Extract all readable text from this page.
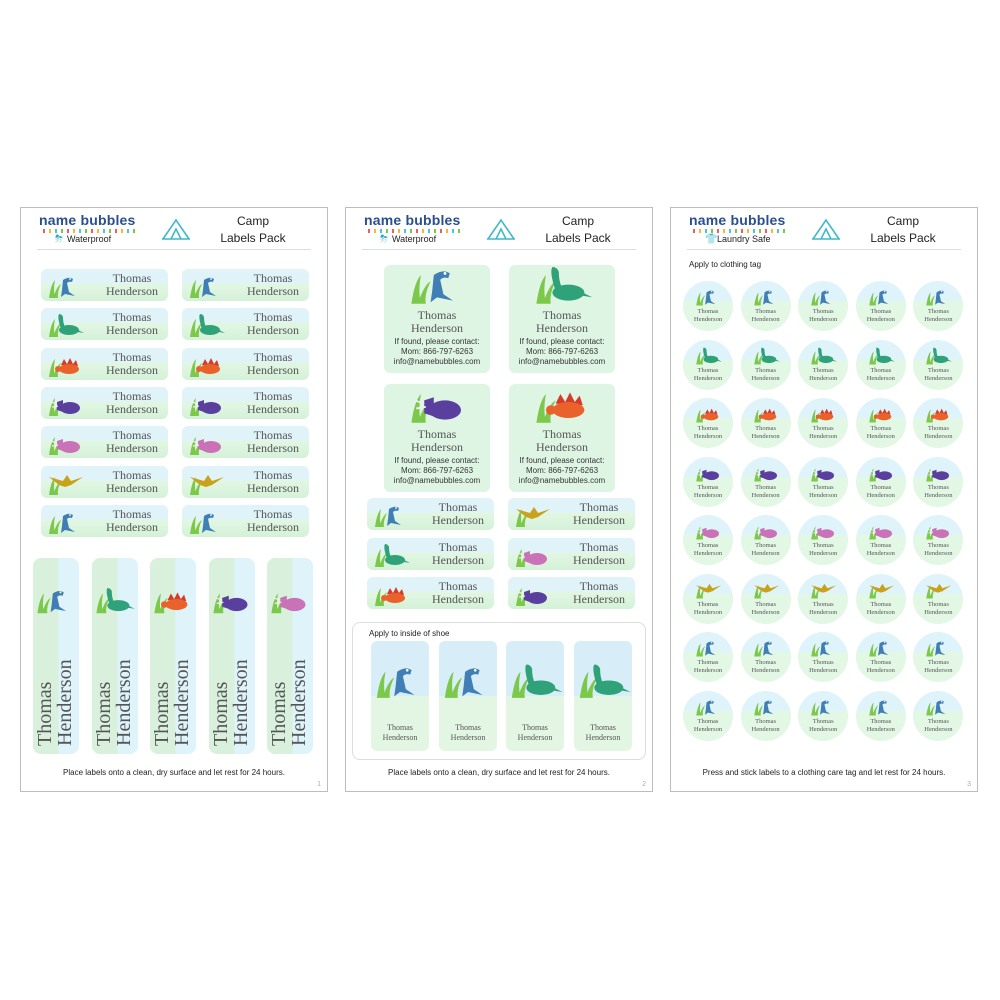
name bubbles
⛈ Waterproof
Camp
Labels Pack
Thomas
Henderson
Thomas
Henderson
Thomas
Henderson
Thomas
Henderson
Thomas
Henderson
Thomas
Henderson
Thomas
Henderson
Thomas
Henderson
Thomas
Henderson
Thomas
Henderson
Thomas
Henderson
Thomas
Henderson
Thomas
Henderson
Thomas
Henderson
Thomas
Henderson Thomas
Henderson Thomas
Henderson Thomas
Henderson Thomas
Henderson
Place labels onto a clean, dry surface and let rest for 24 hours.
1
name bubbles
⛈ Waterproof
Camp
Labels Pack
Thomas
Henderson
If found, please contact:
Mom: 866-797-6263
info@namebubbles.com
Thomas
Henderson
If found, please contact:
Mom: 866-797-6263
info@namebubbles.com
Thomas
Henderson
If found, please contact:
Mom: 866-797-6263
info@namebubbles.com
Thomas
Henderson
If found, please contact:
Mom: 866-797-6263
info@namebubbles.com
Thomas
Henderson
Thomas
Henderson
Thomas
Henderson
Thomas
Henderson
Thomas
Henderson
Thomas
Henderson
Apply to inside of shoe
Thomas
Henderson
Thomas
Henderson
Thomas
Henderson
Thomas
Henderson
Place labels onto a clean, dry surface and let rest for 24 hours.
2
name bubbles
👕Laundry Safe
Camp
Labels Pack
Apply to clothing tag
Thomas
Henderson
Thomas
Henderson
Thomas
Henderson
Thomas
Henderson
Thomas
Henderson
Thomas
Henderson
Thomas
Henderson
Thomas
Henderson
Thomas
Henderson
Thomas
Henderson
Thomas
Henderson
Thomas
Henderson
Thomas
Henderson
Thomas
Henderson
Thomas
Henderson
Thomas
Henderson
Thomas
Henderson
Thomas
Henderson
Thomas
Henderson
Thomas
Henderson
Thomas
Henderson
Thomas
Henderson
Thomas
Henderson
Thomas
Henderson
Thomas
Henderson
Thomas
Henderson
Thomas
Henderson
Thomas
Henderson
Thomas
Henderson
Thomas
Henderson
Thomas
Henderson
Thomas
Henderson
Thomas
Henderson
Thomas
Henderson
Thomas
Henderson
Thomas
Henderson
Thomas
Henderson
Thomas
Henderson
Thomas
Henderson
Thomas
Henderson
Press and stick labels to a clothing care tag and let rest for 24 hours.
3
